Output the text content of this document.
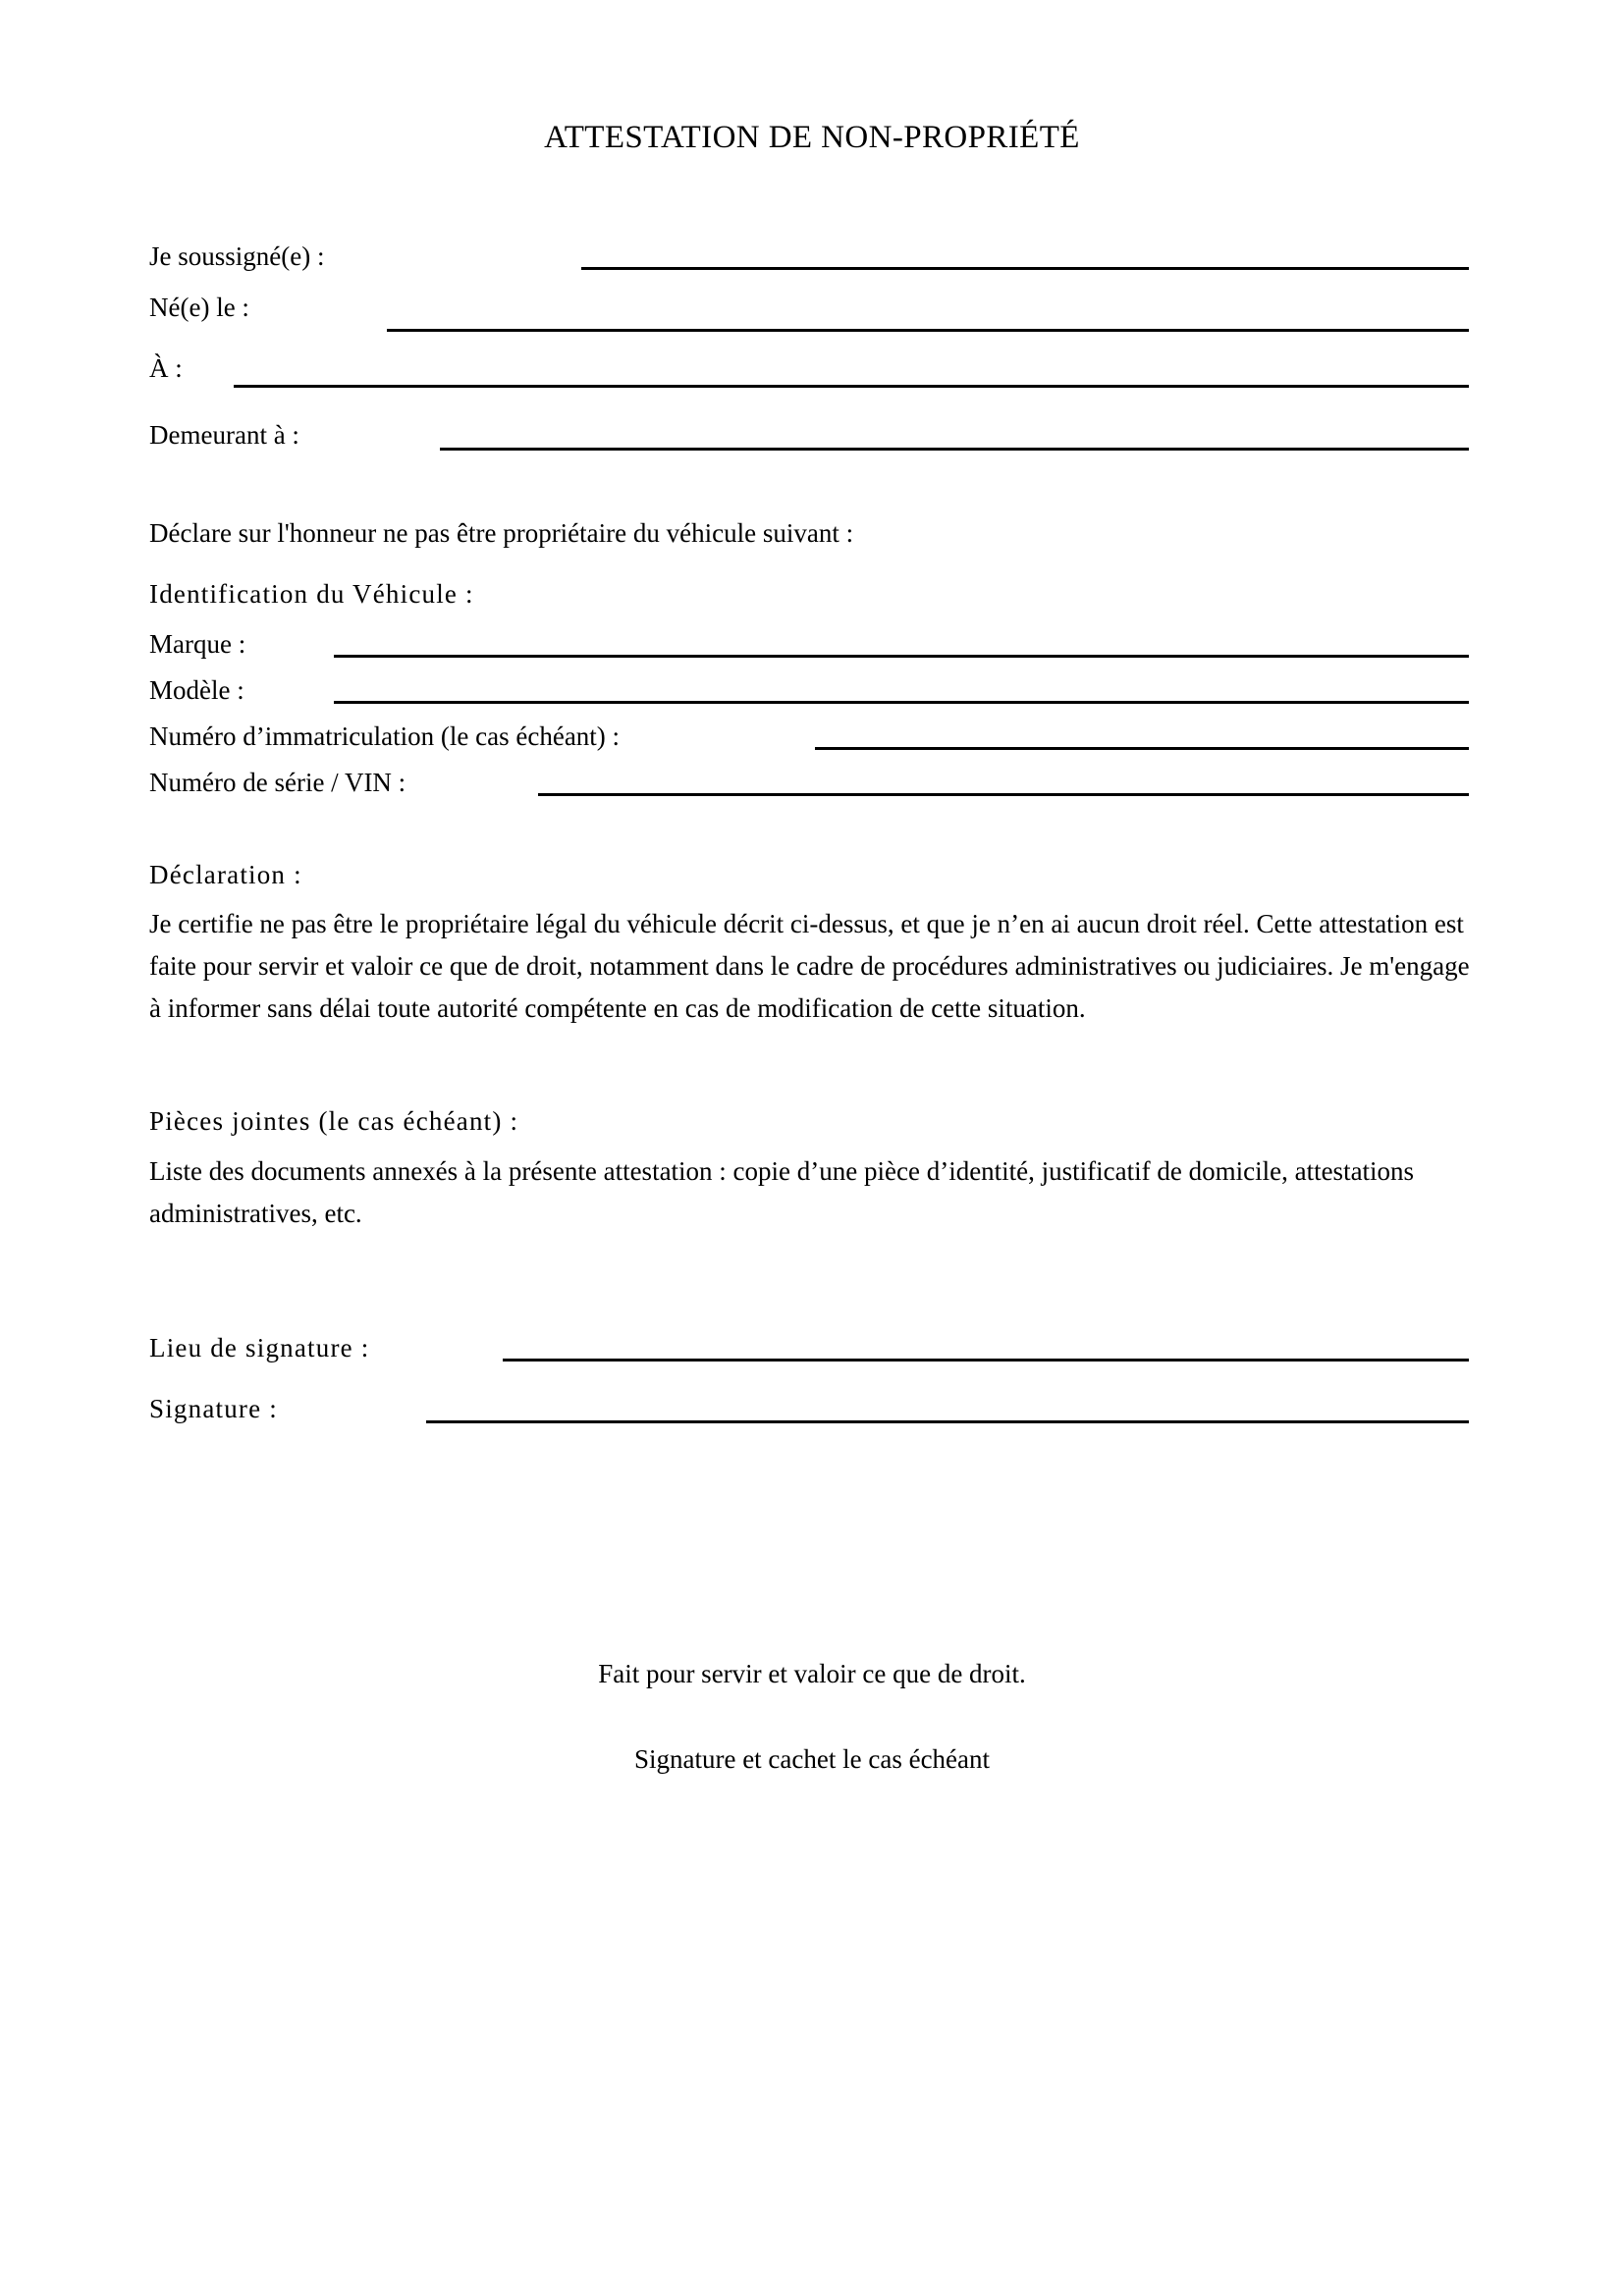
ATTESTATION DE NON-PROPRIÉTÉ
Je soussigné(e) :
Né(e) le :
À :
Demeurant à :
Déclare sur l'honneur ne pas être propriétaire du véhicule suivant :
Identification du Véhicule :
Marque :
Modèle :
Numéro d’immatriculation (le cas échéant) :
Numéro de série / VIN :
Déclaration :
Je certifie ne pas être le propriétaire légal du véhicule décrit ci-dessus, et que je n’en ai aucun droit réel. Cette attestation est faite pour servir et valoir ce que de droit, notamment dans le cadre de procédures administratives ou judiciaires. Je m'engage à informer sans délai toute autorité compétente en cas de modification de cette situation.
Pièces jointes (le cas échéant) :
Liste des documents annexés à la présente attestation : copie d’une pièce d’identité, justificatif de domicile, attestations administratives, etc.
Lieu de signature :
Signature :
Fait pour servir et valoir ce que de droit.
Signature et cachet le cas échéant
